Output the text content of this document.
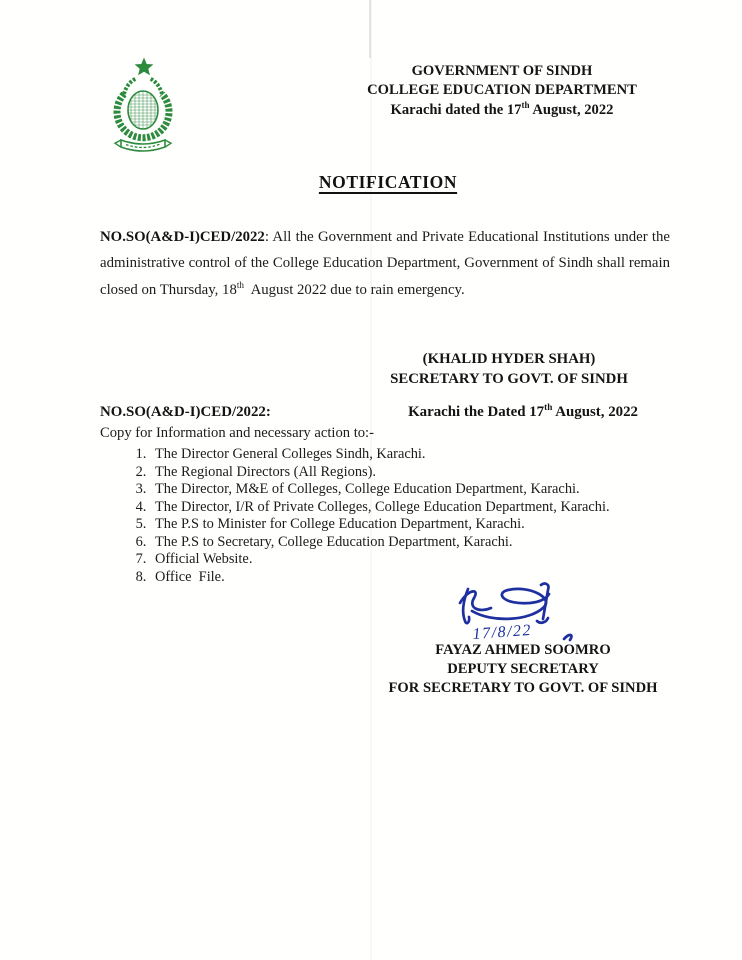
GOVERNMENT OF SINDH
COLLEGE EDUCATION DEPARTMENT
Karachi dated the 17th August, 2022
NOTIFICATION
NO.SO(A&D-I)CED/2022: All the Government and Private Educational Institutions under the
administrative control of the College Education Department, Government of Sindh shall remain
closed on Thursday, 18th  August 2022 due to rain emergency.
(KHALID HYDER SHAH)
SECRETARY TO GOVT. OF SINDH
NO.SO(A&D-I)CED/2022:	Karachi the Dated 17th August, 2022
Copy for Information and necessary action to:-
1. The Director General Colleges Sindh, Karachi.
2. The Regional Directors (All Regions).
3. The Director, M&E of Colleges, College Education Department, Karachi.
4. The Director, I/R of Private Colleges, College Education Department, Karachi.
5. The P.S to Minister for College Education Department, Karachi.
6. The P.S to Secretary, College Education Department, Karachi.
7. Official Website.
8. Office  File.
17/8/22
FAYAZ AHMED SOOMRO
DEPUTY SECRETARY
FOR SECRETARY TO GOVT. OF SINDH
